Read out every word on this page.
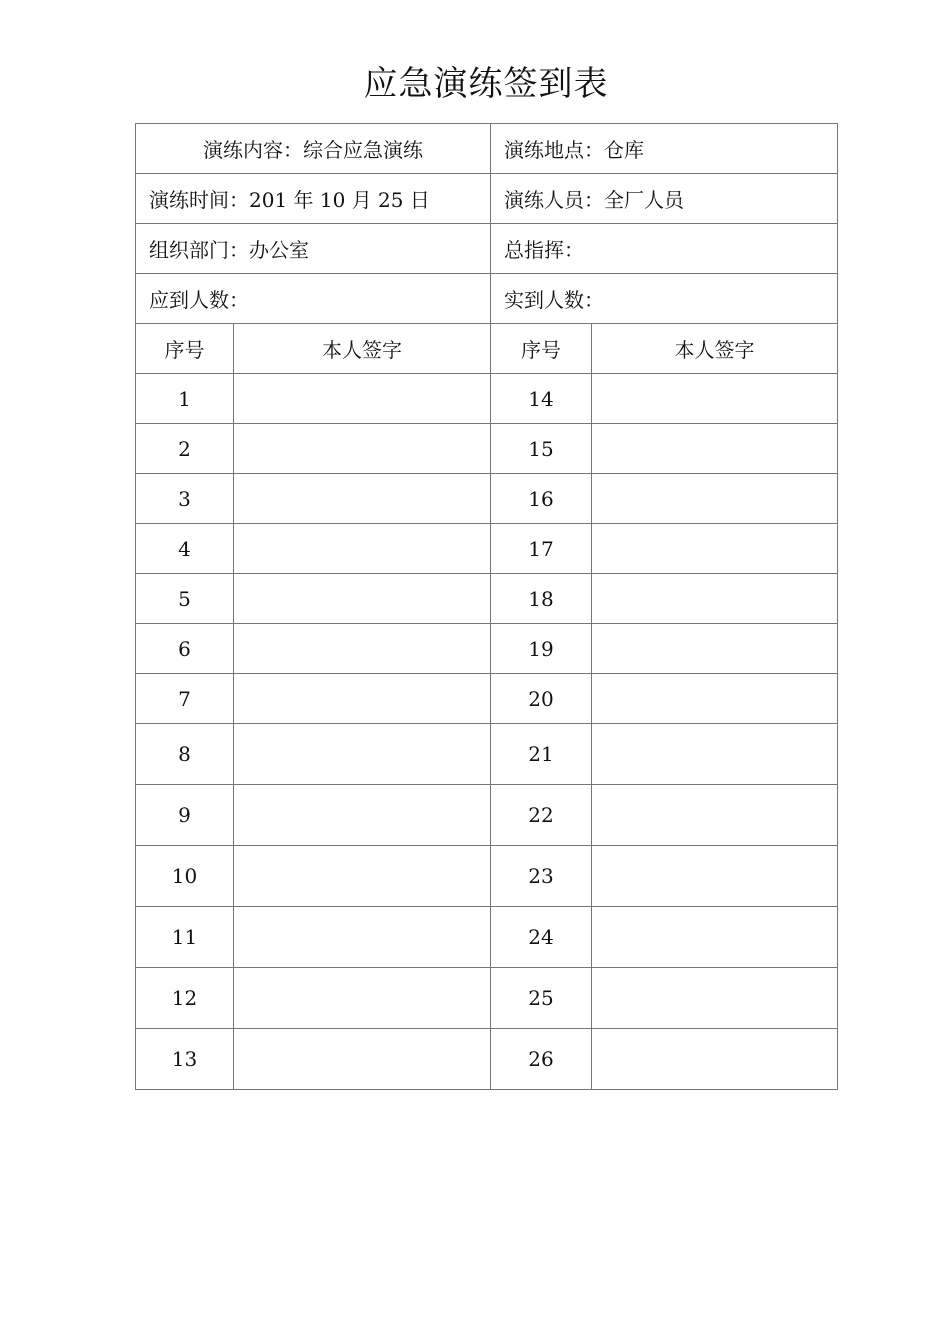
应急演练签到表
演练内容：综合应急演练		演练地点：仓库	
演练时间：201 年 10 月 25 日		演练人员：全厂人员	
组织部门：办公室		总指挥：	
应到人数：		实到人数：	
序号	本人签字	序号	本人签字
1		14	
2		15	
3		16	
4		17	
5		18	
6		19	
7		20	
8		21	
9		22	
10		23	
11		24	
12		25	
13		26	
